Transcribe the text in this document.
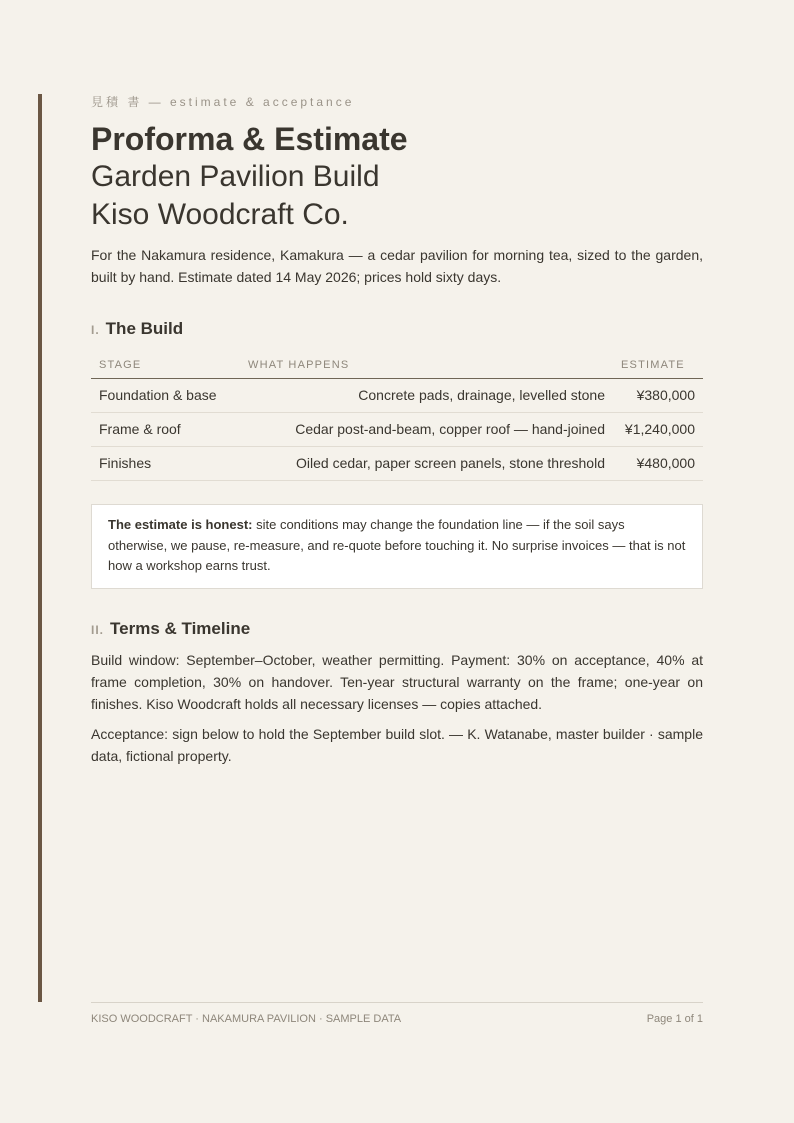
見積 書 — estimate & acceptance

Proforma & Estimate
Garden Pavilion Build
Kiso Woodcraft Co.

For the Nakamura residence, Kamakura — a cedar pavilion for morning tea, sized to the garden, built by hand. Estimate dated 14 May 2026; prices hold sixty days.

I. The Build
STAGE	WHAT HAPPENS	ESTIMATE
Foundation & base	Concrete pads, drainage, levelled stone	¥380,000
Frame & roof	Cedar post-and-beam, copper roof — hand-joined	¥1,240,000
Finishes	Oiled cedar, paper screen panels, stone threshold	¥480,000
The estimate is honest: site conditions may change the foundation line — if the soil says otherwise, we pause, re-measure, and re-quote before touching it. No surprise invoices — that is not how a workshop earns trust.
II. Terms & Timeline

Build window: September–October, weather permitting. Payment: 30% on acceptance, 40% at frame completion, 30% on handover. Ten-year structural warranty on the frame; one-year on finishes. Kiso Woodcraft holds all necessary licenses — copies attached.

Acceptance: sign below to hold the September build slot. — K. Watanabe, master builder · sample data, fictional property.

KISO WOODCRAFT · NAKAMURA PAVILION · SAMPLE DATA	Page 1 of 1
